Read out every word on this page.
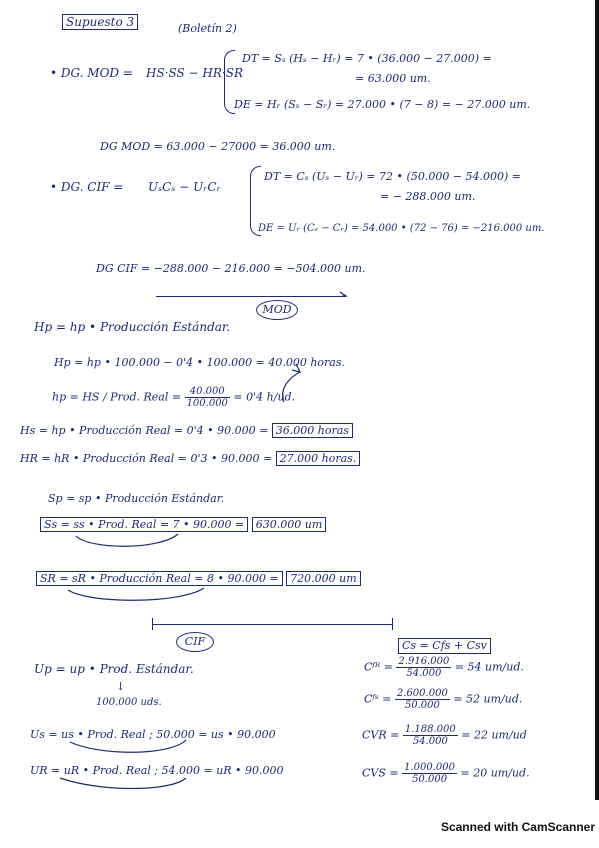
Supuesto 3	(Boletín 2)
• DG. MOD = HS·SS − HR·SR
DT = Sₛ (Hₛ − Hᵣ) = 7 • (36.000 − 27.000) =
= 63.000 um.
DE = Hᵣ (Sₛ − Sᵣ) = 27.000 • (7 − 8) = − 27.000 um.
DG MOD = 63.000 − 27000 = 36.000 um.
• DG. CIF = UₛCₛ − UᵣCᵣ
DT = Cₛ (Uₛ − Uᵣ) = 72 • (50.000 − 54.000) =
= − 288.000 um.
DE = Uᵣ (Cₛ − Cᵣ) = 54.000 • (72 − 76) = −216.000 um.
DG CIF = −288.000 − 216.000 = −504.000 um.
MOD
Hp = hp • Producción Estándar.
Hp = hp • 100.000 − 0'4 • 100.000 = 40.000 horas.
hp = HS / Prod. Real = $\frac{40.000}{100.000} = 0'4$ h/ud.
Hs = hp • Producción Real = 0'4 • 90.000 = 36.000 horas
HR = hR • Producción Real = 0'3 • 90.000 = 27.000 horas.
Sp = sp • Producción Estándar.
Ss = ss • Prod. Real = 7 • 90.000 = 630.000 um
SR = sR • Producción Real = 8 • 90.000 = 720.000 um
CIF	Cs = Cfs + Csv
Up = up • Prod. Estándar.
↓
100.000 uds.
Us = us • Prod. Real ; 50.000 = us • 90.000
UR = uR • Prod. Real ; 54.000 = uR • 90.000
Cᶠᴿ = $\frac{2.916.000}{54.000} = 54$ um/ud.
Cᶠˢ = $\frac{2.600.000}{50.000} = 52$ um/ud.
CVR = $\frac{1.188.000}{54.000} = 22$ um/ud
CVS = $\frac{1.000.000}{50.000} = 20$ um/ud.
Scanned with CamScanner
